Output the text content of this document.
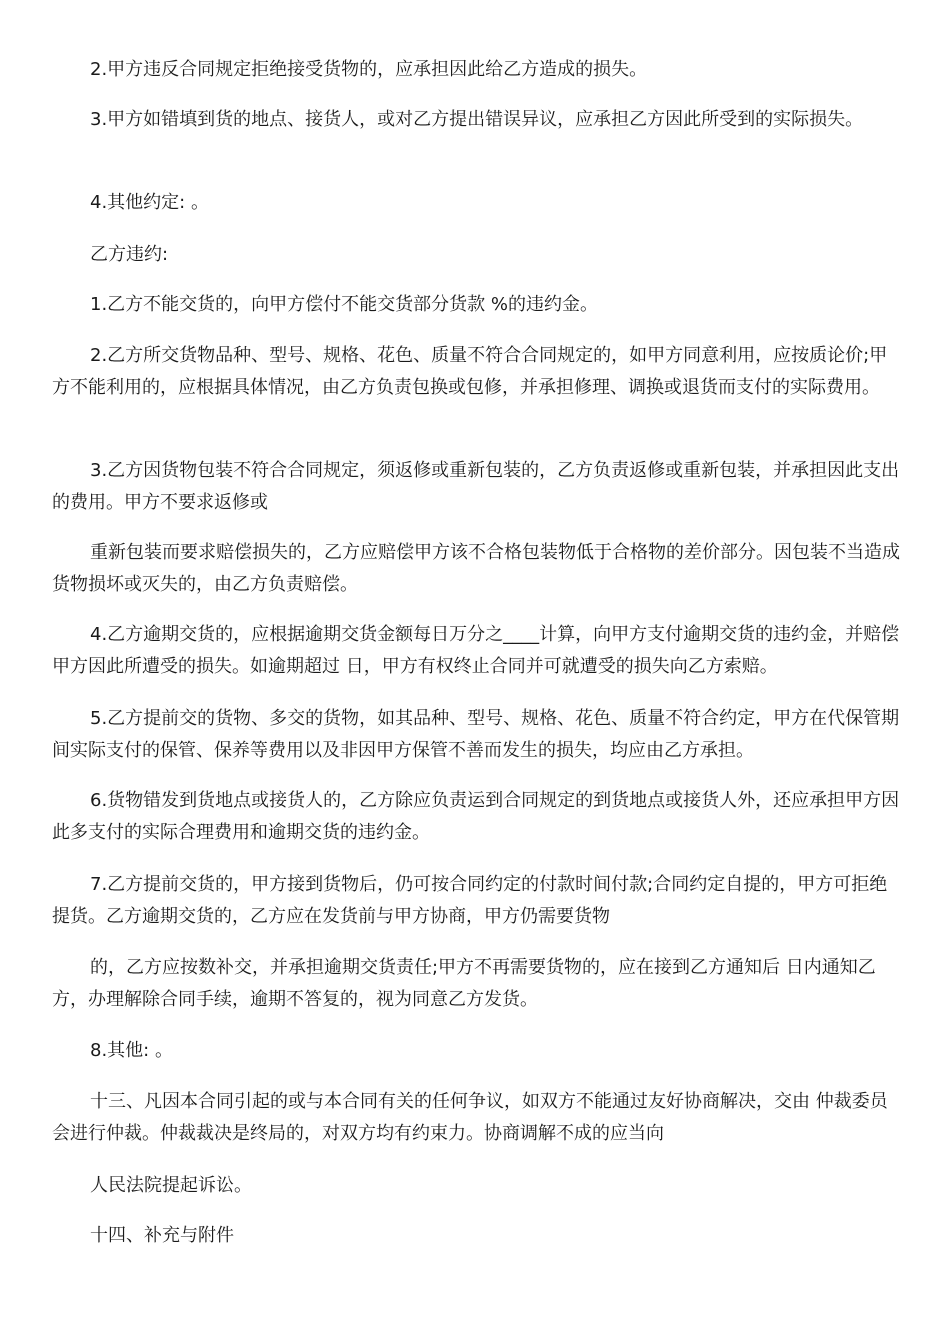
2.甲方违反合同规定拒绝接受货物的，应承担因此给乙方造成的损失。

3.甲方如错填到货的地点、接货人，或对乙方提出错误异议，应承担乙方因此所受到的实际损失。

4.其他约定: 。

乙方违约:

1.乙方不能交货的，向甲方偿付不能交货部分货款 %的违约金。

2.乙方所交货物品种、型号、规格、花色、质量不符合合同规定的，如甲方同意利用，应按质论价;甲方不能利用的，应根据具体情况，由乙方负责包换或包修，并承担修理、调换或退货而支付的实际费用。

3.乙方因货物包装不符合合同规定，须返修或重新包装的，乙方负责返修或重新包装，并承担因此支出的费用。甲方不要求返修或

重新包装而要求赔偿损失的，乙方应赔偿甲方该不合格包装物低于合格物的差价部分。因包装不当造成货物损坏或灭失的，由乙方负责赔偿。

4.乙方逾期交货的，应根据逾期交货金额每日万分之____计算，向甲方支付逾期交货的违约金，并赔偿甲方因此所遭受的损失。如逾期超过 日，甲方有权终止合同并可就遭受的损失向乙方索赔。

5.乙方提前交的货物、多交的货物，如其品种、型号、规格、花色、质量不符合约定，甲方在代保管期间实际支付的保管、保养等费用以及非因甲方保管不善而发生的损失，均应由乙方承担。

6.货物错发到货地点或接货人的，乙方除应负责运到合同规定的到货地点或接货人外，还应承担甲方因此多支付的实际合理费用和逾期交货的违约金。

7.乙方提前交货的，甲方接到货物后，仍可按合同约定的付款时间付款;合同约定自提的，甲方可拒绝提货。乙方逾期交货的，乙方应在发货前与甲方协商，甲方仍需要货物

的，乙方应按数补交，并承担逾期交货责任;甲方不再需要货物的，应在接到乙方通知后 日内通知乙方，办理解除合同手续，逾期不答复的，视为同意乙方发货。

8.其他: 。

十三、凡因本合同引起的或与本合同有关的任何争议，如双方不能通过友好协商解决，交由 仲裁委员会进行仲裁。仲裁裁决是终局的，对双方均有约束力。协商调解不成的应当向

人民法院提起诉讼。

十四、补充与附件
